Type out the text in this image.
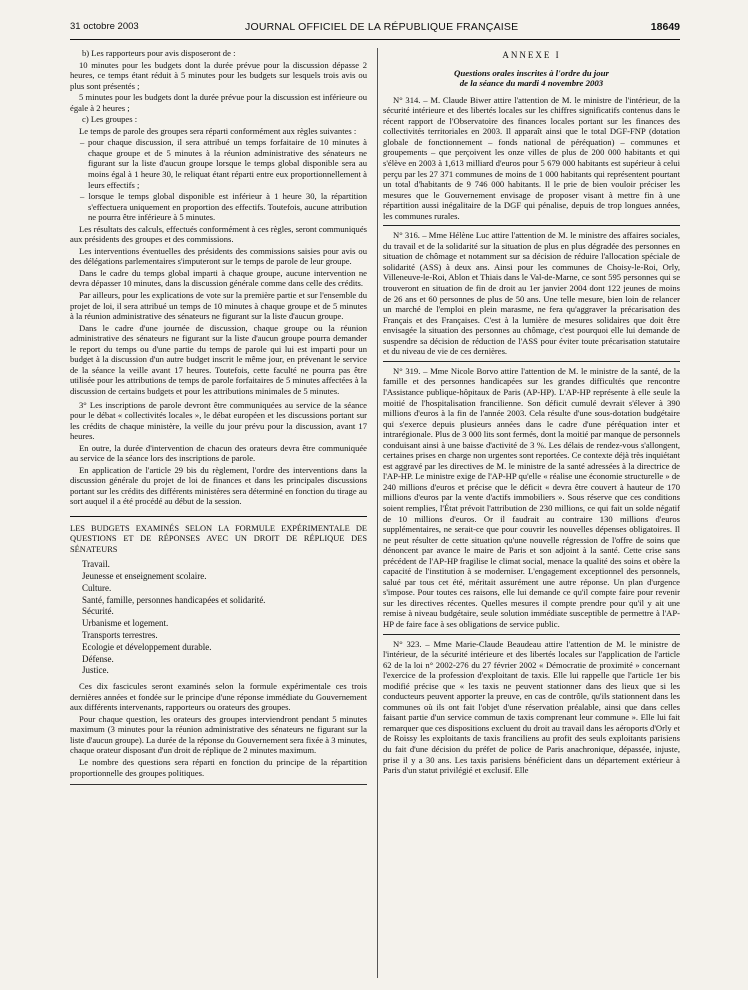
31 octobre 2003	JOURNAL OFFICIEL DE LA RÉPUBLIQUE FRANÇAISE	18649

b) Les rapporteurs pour avis disposeront de :

10 minutes pour les budgets dont la durée prévue pour la discussion dépasse 2 heures, ce temps étant réduit à 5 minutes pour les budgets sur lesquels trois avis ou plus sont présentés ;

5 minutes pour les budgets dont la durée prévue pour la discussion est inférieure ou égale à 2 heures ;

c) Les groupes :

Le temps de parole des groupes sera réparti conformément aux règles suivantes :

– pour chaque discussion, il sera attribué un temps forfaitaire de 10 minutes à chaque groupe et de 5 minutes à la réunion administrative des sénateurs ne figurant sur la liste d'aucun groupe lorsque le temps global disponible sera au moins égal à 1 heure 30, le reliquat étant réparti entre eux proportionnellement à leurs effectifs ;

– lorsque le temps global disponible est inférieur à 1 heure 30, la répartition s'effectuera uniquement en proportion des effectifs. Toutefois, aucune attribution ne pourra être inférieure à 5 minutes.

Les résultats des calculs, effectués conformément à ces règles, seront communiqués aux présidents des groupes et des commissions.

Les interventions éventuelles des présidents des commissions saisies pour avis ou des délégations parlementaires s'imputeront sur le temps de parole de leur groupe.

Dans le cadre du temps global imparti à chaque groupe, aucune intervention ne devra dépasser 10 minutes, dans la discussion générale comme dans celle des crédits.

Par ailleurs, pour les explications de vote sur la première partie et sur l'ensemble du projet de loi, il sera attribué un temps de 10 minutes à chaque groupe et de 5 minutes à la réunion administrative des sénateurs ne figurant sur la liste d'aucun groupe.

Dans le cadre d'une journée de discussion, chaque groupe ou la réunion administrative des sénateurs ne figurant sur la liste d'aucun groupe pourra demander le report du temps ou d'une partie du temps de parole qui lui est imparti pour un budget à la discussion d'un autre budget inscrit le même jour, en prévenant le service de la séance la veille avant 17 heures. Toutefois, cette faculté ne pourra pas être utilisée pour les attributions de temps de parole forfaitaires de 5 minutes affectées à la discussion de certains budgets et pour les attributions minimales de 5 minutes.

3° Les inscriptions de parole devront être communiquées au service de la séance pour le débat « collectivités locales », le débat européen et les discussions portant sur les crédits de chaque ministère, la veille du jour prévu pour la discussion, avant 17 heures.

En outre, la durée d'intervention de chacun des orateurs devra être communiquée au service de la séance lors des inscriptions de parole.

En application de l'article 29 bis du règlement, l'ordre des interventions dans la discussion générale du projet de loi de finances et dans les principales discussions portant sur les crédits des différents ministères sera déterminé en fonction du tirage au sort auquel il a été procédé au début de la session.

LES BUDGETS EXAMINÉS SELON LA FORMULE EXPÉRIMENTALE DE QUESTIONS ET DE RÉPONSES AVEC UN DROIT DE RÉPLIQUE DES SÉNATEURS
Travail.
Jeunesse et enseignement scolaire.
Culture.
Santé, famille, personnes handicapées et solidarité.
Sécurité.
Urbanisme et logement.
Transports terrestres.
Ecologie et développement durable.
Défense.
Justice.

Ces dix fascicules seront examinés selon la formule expérimentale ces trois dernières années et fondée sur le principe d'une réponse immédiate du Gouvernement aux différents intervenants, rapporteurs ou orateurs des groupes.

Pour chaque question, les orateurs des groupes interviendront pendant 5 minutes maximum (3 minutes pour la réunion administrative des sénateurs ne figurant sur la liste d'aucun groupe). La durée de la réponse du Gouvernement sera fixée à 3 minutes, chaque orateur disposant d'un droit de réplique de 2 minutes maximum.

Le nombre des questions sera réparti en fonction du principe de la répartition proportionnelle des groupes politiques.

ANNEXE I
Questions orales inscrites à l'ordre du jour
de la séance du mardi 4 novembre 2003

N° 314. – M. Claude Biwer attire l'attention de M. le ministre de l'intérieur, de la sécurité intérieure et des libertés locales sur les chiffres significatifs contenus dans le récent rapport de l'Observatoire des finances locales portant sur les finances des collectivités territoriales en 2003. Il apparaît ainsi que le total DGF-FNP (dotation globale de fonctionnement – fonds national de péréquation) – communes et groupements – que perçoivent les onze villes de plus de 200 000 habitants et qui s'élève en 2003 à 1,613 milliard d'euros pour 5 679 000 habitants est supérieur à celui perçu par les 27 371 communes de moins de 1 000 habitants qui représentent pourtant un total d'habitants de 9 746 000 habitants. Il le prie de bien vouloir préciser les mesures que le Gouvernement envisage de proposer visant à mettre fin à une répartition aussi inégalitaire de la DGF qui pénalise, depuis de trop longues années, les communes rurales.

N° 316. – Mme Hélène Luc attire l'attention de M. le ministre des affaires sociales, du travail et de la solidarité sur la situation de plus en plus dégradée des personnes en situation de chômage et notamment sur sa décision de réduire l'allocation spéciale de solidarité (ASS) à deux ans. Ainsi pour les communes de Choisy-le-Roi, Orly, Villeneuve-le-Roi, Ablon et Thiais dans le Val-de-Marne, ce sont 595 personnes qui se trouveront en situation de fin de droit au 1er janvier 2004 dont 122 jeunes de moins de 26 ans et 60 personnes de plus de 50 ans. Une telle mesure, bien loin de relancer un marché de l'emploi en plein marasme, ne fera qu'aggraver la précarisation des Français et des Françaises. C'est à la lumière de mesures solidaires que doit être envisagée la situation des personnes au chômage, c'est pourquoi elle lui demande de suspendre sa décision de réduction de l'ASS pour éviter toute précarisation statutaire et du niveau de vie de ces dernières.

N° 319. – Mme Nicole Borvo attire l'attention de M. le ministre de la santé, de la famille et des personnes handicapées sur les grandes difficultés que rencontre l'Assistance publique-hôpitaux de Paris (AP-HP). L'AP-HP représente à elle seule la moitié de l'hospitalisation francilienne. Son déficit cumulé devrait s'élever à 390 millions d'euros à la fin de l'année 2003. Cela résulte d'une sous-dotation budgétaire qui s'exerce depuis plusieurs années dans le cadre d'une péréquation inter et intrarégionale. Plus de 3 000 lits sont fermés, dont la moitié par manque de personnels conduisant ainsi à une baisse d'activité de 3 %. Les délais de rendez-vous s'allongent, certaines prises en charge non urgentes sont reportées. Ce contexte déjà très inquiétant est aggravé par les directives de M. le ministre de la santé adressées à la directrice de l'AP-HP. Le ministre exige de l'AP-HP qu'elle « réalise une économie structurelle » de 240 millions d'euros et précise que le déficit « devra être couvert à hauteur de 170 millions d'euros par la vente d'actifs immobiliers ». Sous réserve que ces conditions soient remplies, l'État prévoit l'attribution de 230 millions, ce qui fait un solde négatif de 10 millions d'euros. Or il faudrait au contraire 130 millions d'euros supplémentaires, ne serait-ce que pour couvrir les nouvelles dépenses obligatoires. Il ne peut résulter de cette situation qu'une nouvelle régression de l'offre de soins que dénoncent par avance le maire de Paris et son adjoint à la santé. Cette crise sans précédent de l'AP-HP fragilise le climat social, menace la qualité des soins et obère la capacité de l'institution à se moderniser. L'engagement exceptionnel des personnels, salué par tous cet été, méritait assurément une autre réponse. Un plan d'urgence s'impose. Pour toutes ces raisons, elle lui demande ce qu'il compte faire pour revenir sur les directives récentes. Quelles mesures il compte prendre pour qu'il y ait une remise à niveau budgétaire, seule solution immédiate susceptible de permettre à l'AP-HP de faire face à ses obligations de service public.

N° 323. – Mme Marie-Claude Beaudeau attire l'attention de M. le ministre de l'intérieur, de la sécurité intérieure et des libertés locales sur l'application de l'article 62 de la loi n° 2002-276 du 27 février 2002 « Démocratie de proximité » concernant l'exercice de la profession d'exploitant de taxis. Elle lui rappelle que l'article 1er bis modifié précise que « les taxis ne peuvent stationner dans des lieux que si les conducteurs peuvent apporter la preuve, en cas de contrôle, qu'ils stationnent dans les communes où ils ont fait l'objet d'une réservation préalable, ainsi que dans celles faisant partie d'un service commun de taxis comprenant leur commune ». Elle lui fait remarquer que ces dispositions excluent du droit au travail dans les aéroports d'Orly et de Roissy les exploitants de taxis franciliens au profit des seuls exploitants parisiens du fait d'une décision du préfet de police de Paris anachronique, dépassée, injuste, prise il y a 30 ans. Les taxis parisiens bénéficient dans un département extérieur à Paris d'un statut privilégié et exclusif. Elle
